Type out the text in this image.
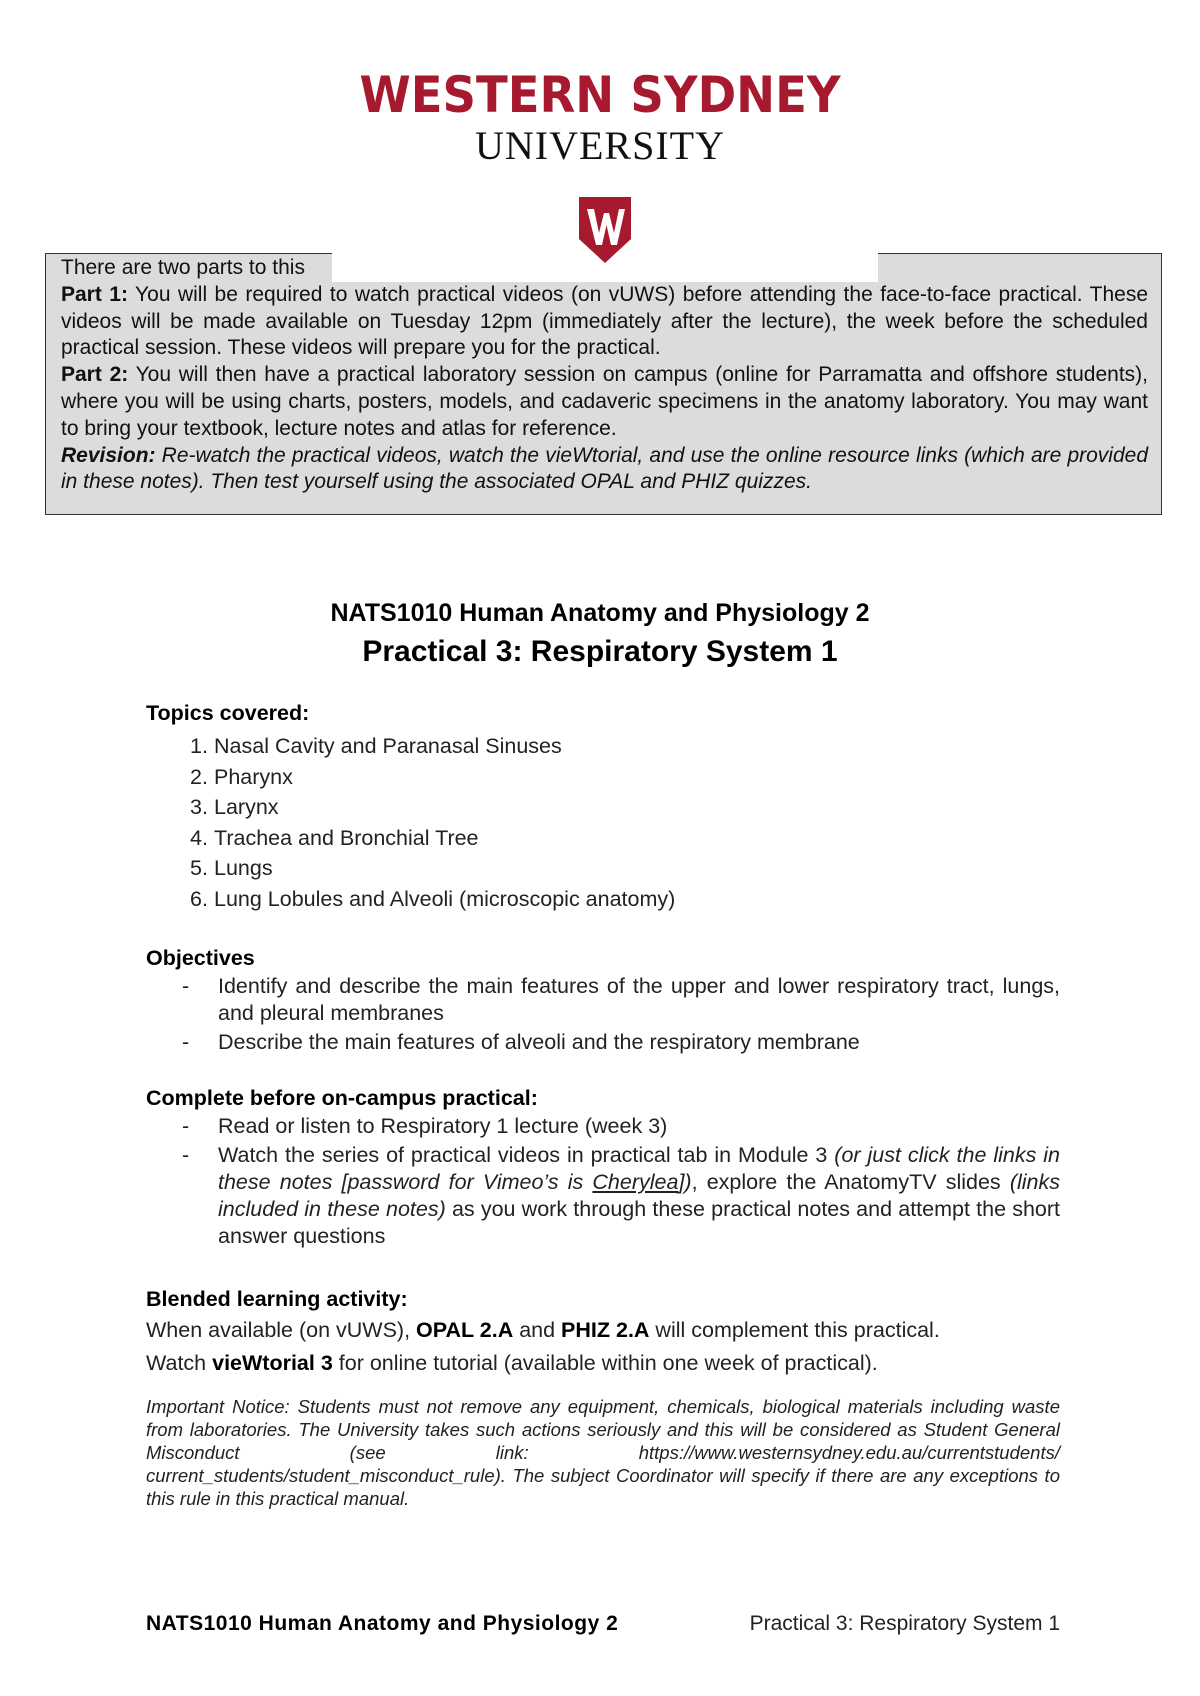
WESTERN SYDNEY
UNIVERSITY

There are two parts to this

Part 1: You will be required to watch practical videos (on vUWS) before attending the face-to-face practical. These videos will be made available on Tuesday 12pm (immediately after the lecture), the week before the scheduled practical session. These videos will prepare you for the practical.

Part 2: You will then have a practical laboratory session on campus (online for Parramatta and offshore students), where you will be using charts, posters, models, and cadaveric specimens in the anatomy laboratory. You may want to bring your textbook, lecture notes and atlas for reference.

Revision: Re-watch the practical videos, watch the vieWtorial, and use the online resource links (which are provided in these notes). Then test yourself using the associated OPAL and PHIZ quizzes.

NATS1010 Human Anatomy and Physiology 2
Practical 3: Respiratory System 1
Topics covered:
1. Nasal Cavity and Paranasal Sinuses
2. Pharynx
3. Larynx
4. Trachea and Bronchial Tree
5. Lungs
6. Lung Lobules and Alveoli (microscopic anatomy)
Objectives
- Identify and describe the main features of the upper and lower respiratory tract, lungs, and pleural membranes
- Describe the main features of alveoli and the respiratory membrane
Complete before on-campus practical:
- Read or listen to Respiratory 1 lecture (week 3)
- Watch the series of practical videos in practical tab in Module 3 (or just click the links in these notes [password for Vimeo’s is Cherylea]), explore the AnatomyTV slides (links included in these notes) as you work through these practical notes and attempt the short answer questions
Blended learning activity:

When available (on vUWS), OPAL 2.A and PHIZ 2.A will complement this practical.

Watch vieWtorial 3 for online tutorial (available within one week of practical).

Important Notice: Students must not remove any equipment, chemicals, biological materials including waste from laboratories. The University takes such actions seriously and this will be considered as Student General Misconduct (see link: https://www.westernsydney.edu.au/currentstudents/ current_students/student_misconduct_rule). The subject Coordinator will specify if there are any exceptions to this rule in this practical manual.
NATS1010 Human Anatomy and Physiology 2	Practical 3: Respiratory System 1
